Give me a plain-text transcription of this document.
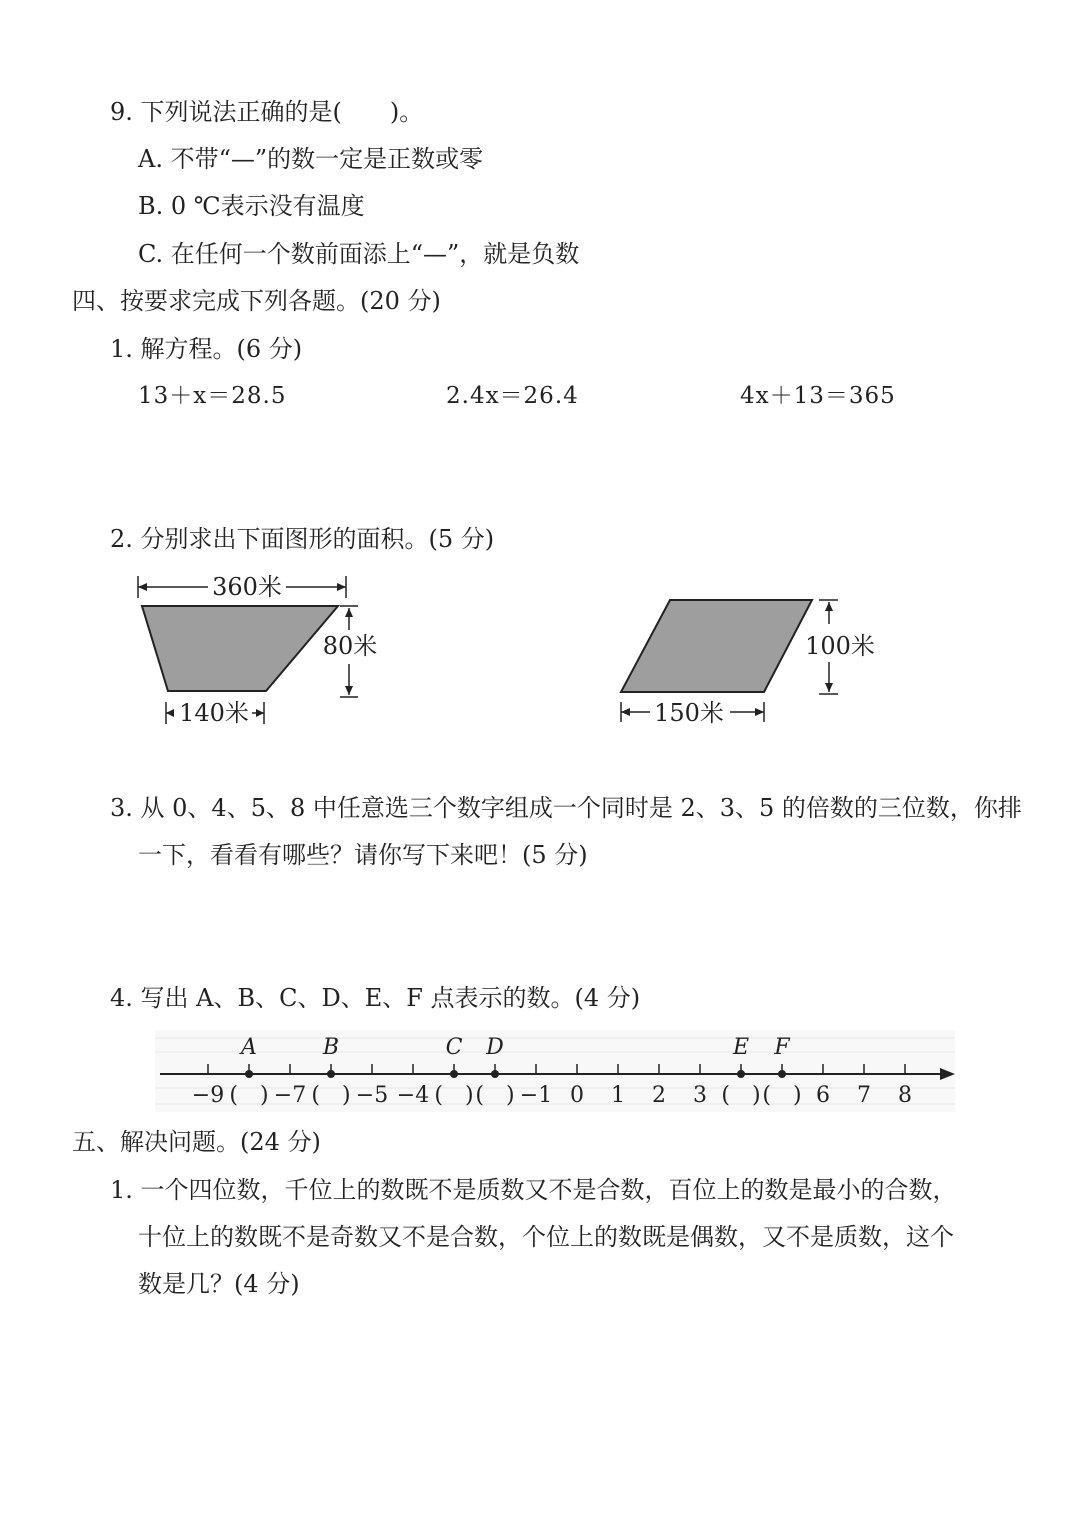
9. 下列说法正确的是(　　)。
A. 不带“—”的数一定是正数或零
B. 0 ℃表示没有温度
C. 在任何一个数前面添上“—”，就是负数
四、按要求完成下列各题。(20 分)
1. 解方程。(6 分)
13＋x＝28.5	2.4x＝26.4	4x＋13＝365
2. 分别求出下面图形的面积。(5 分)
360米
80米
140米
100米
150米
3. 从 0、4、5、8 中任意选三个数字组成一个同时是 2、3、5 的倍数的三位数，你排
一下，看看有哪些？请你写下来吧！(5 分)
4. 写出 A、B、C、D、E、F 点表示的数。(4 分)
−9 (　) −7 (　) −5 −4 (　) (　) −1 0 1 2 3 (　) (　) 6 7 8
A	B	C D	E F
五、解决问题。(24 分)
1. 一个四位数，千位上的数既不是质数又不是合数，百位上的数是最小的合数，
十位上的数既不是奇数又不是合数，个位上的数既是偶数，又不是质数，这个
数是几？(4 分)
